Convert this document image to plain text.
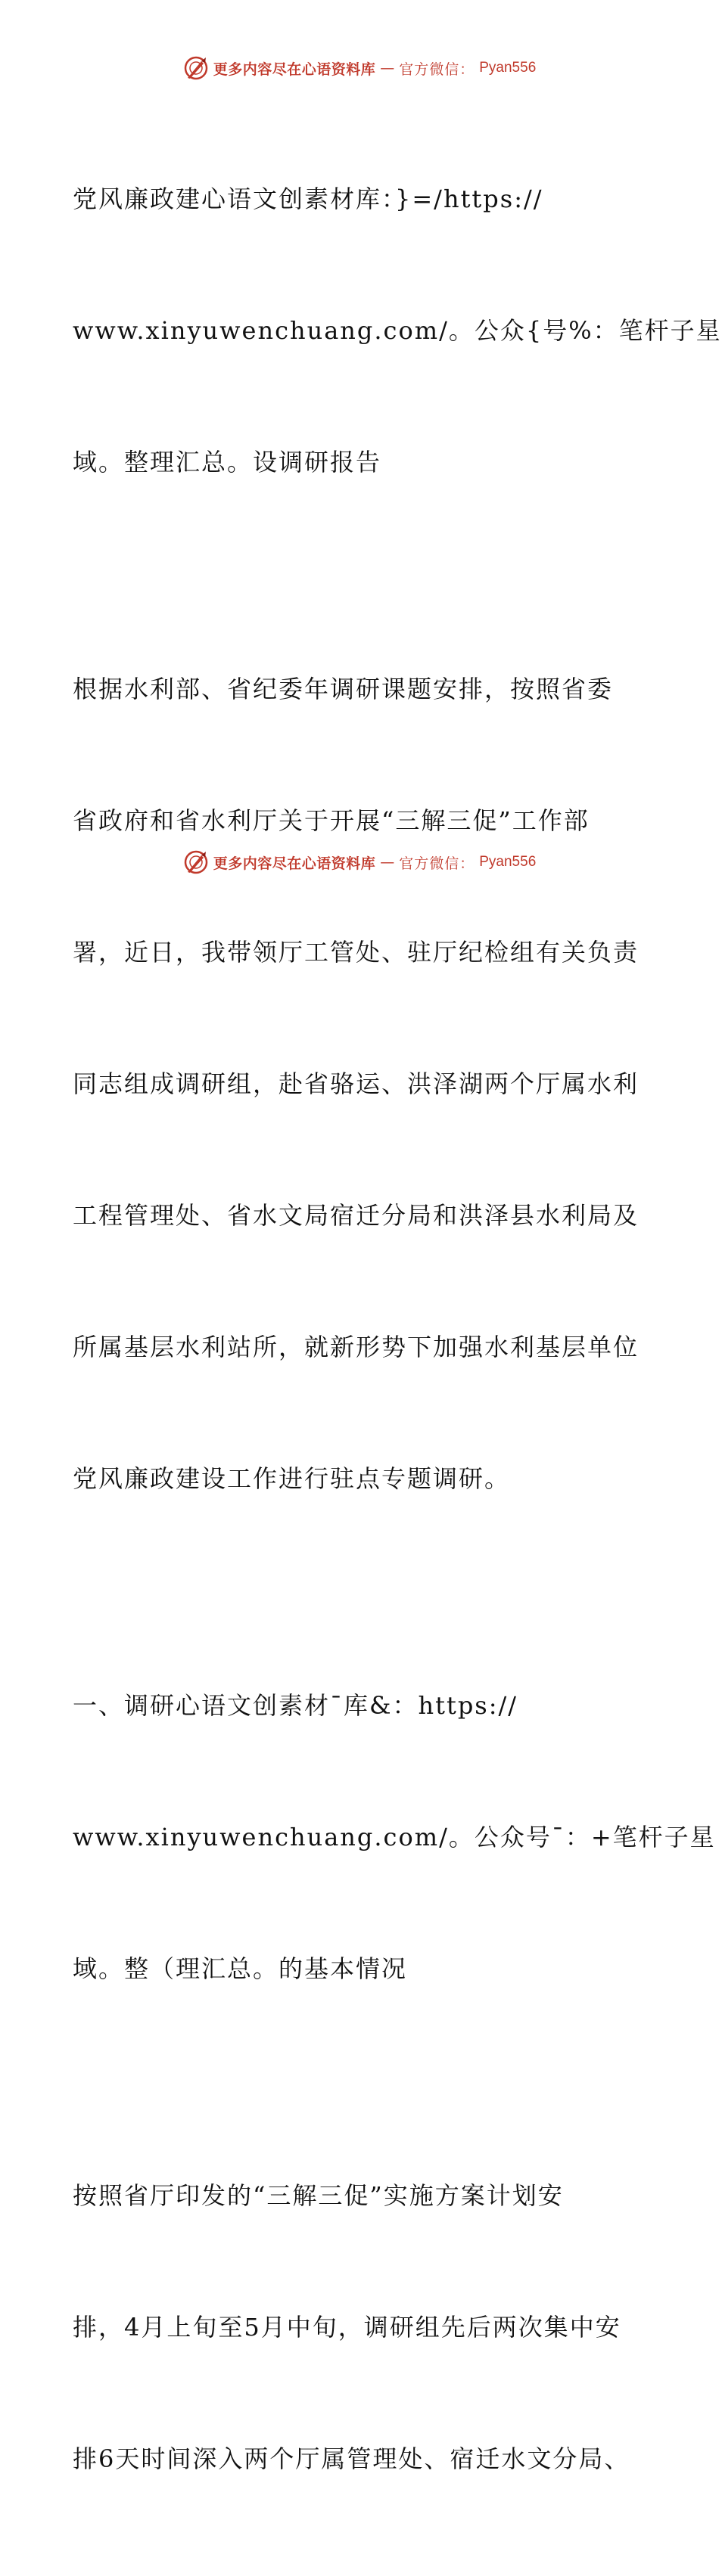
更多内容尽在心语资料库 — 官方微信： Pyan556

党风廉政建心语文创素材库：}=/https://

www.xinyuwenchuang.com/。公众{号%：笔杆子星

域。整理汇总。设调研报告

根据水利部、省纪委年调研课题安排，按照省委

省政府和省水利厅关于开展“三解三促”工作部

署，近日，我带领厅工管处、驻厅纪检组有关负责

同志组成调研组，赴省骆运、洪泽湖两个厅属水利

工程管理处、省水文局宿迁分局和洪泽县水利局及

所属基层水利站所，就新形势下加强水利基层单位

党风廉政建设工作进行驻点专题调研。

一、调研心语文创素材¯库&：https://

www.xinyuwenchuang.com/。公众号¯：+笔杆子星

域。整（理汇总。的基本情况

按照省厅印发的“三解三促”实施方案计划安

排，4月上旬至5月中旬，调研组先后两次集中安

排6天时间深入两个厅属管理处、宿迁水文分局、

更多内容尽在心语资料库 — 官方微信： Pyan556
